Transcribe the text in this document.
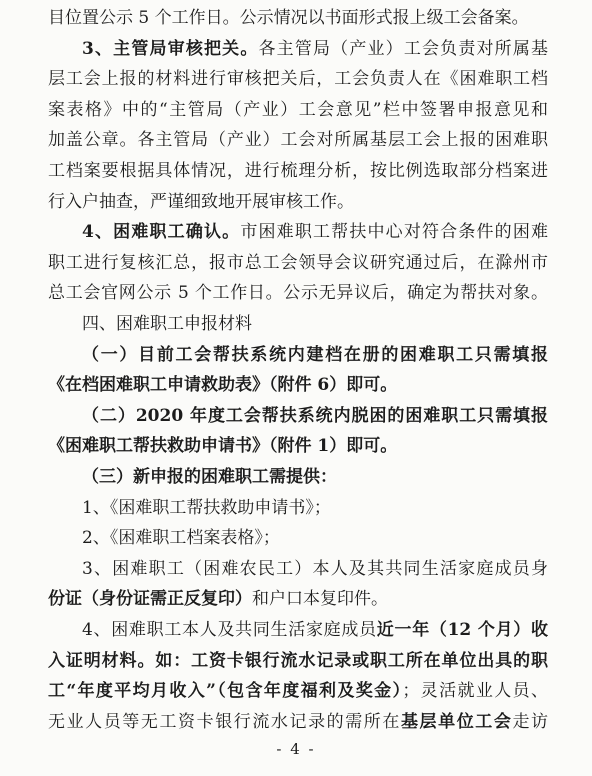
- 4 -
目位置公示 5 个工作日。公示情况以书面形式报上级工会备案。
3、主管局审核把关。各主管局（产业）工会负责对所属基
层工会上报的材料进行审核把关后，工会负责人在《困难职工档
案表格》中的“主管局（产业）工会意见”栏中签署申报意见和
加盖公章。各主管局（产业）工会对所属基层工会上报的困难职
工档案要根据具体情况，进行梳理分析，按比例选取部分档案进
行入户抽查，严谨细致地开展审核工作。
4、困难职工确认。市困难职工帮扶中心对符合条件的困难
职工进行复核汇总，报市总工会领导会议研究通过后，在滁州市
总工会官网公示 5 个工作日。公示无异议后，确定为帮扶对象。
四、困难职工申报材料
（一）目前工会帮扶系统内建档在册的困难职工只需填报
《在档困难职工申请救助表》（附件 6）即可。
（二）2020 年度工会帮扶系统内脱困的困难职工只需填报
《困难职工帮扶救助申请书》（附件 1）即可。
（三）新申报的困难职工需提供：
1、《困难职工帮扶救助申请书》；
2、《困难职工档案表格》；
3、困难职工（困难农民工）本人及其共同生活家庭成员身
份证（身份证需正反复印）和户口本复印件。
4、困难职工本人及共同生活家庭成员近一年（12 个月）收
入证明材料。如：工资卡银行流水记录或职工所在单位出具的职
工“年度平均月收入”（包含年度福利及奖金）；灵活就业人员、
无业人员等无工资卡银行流水记录的需所在基层单位工会走访
